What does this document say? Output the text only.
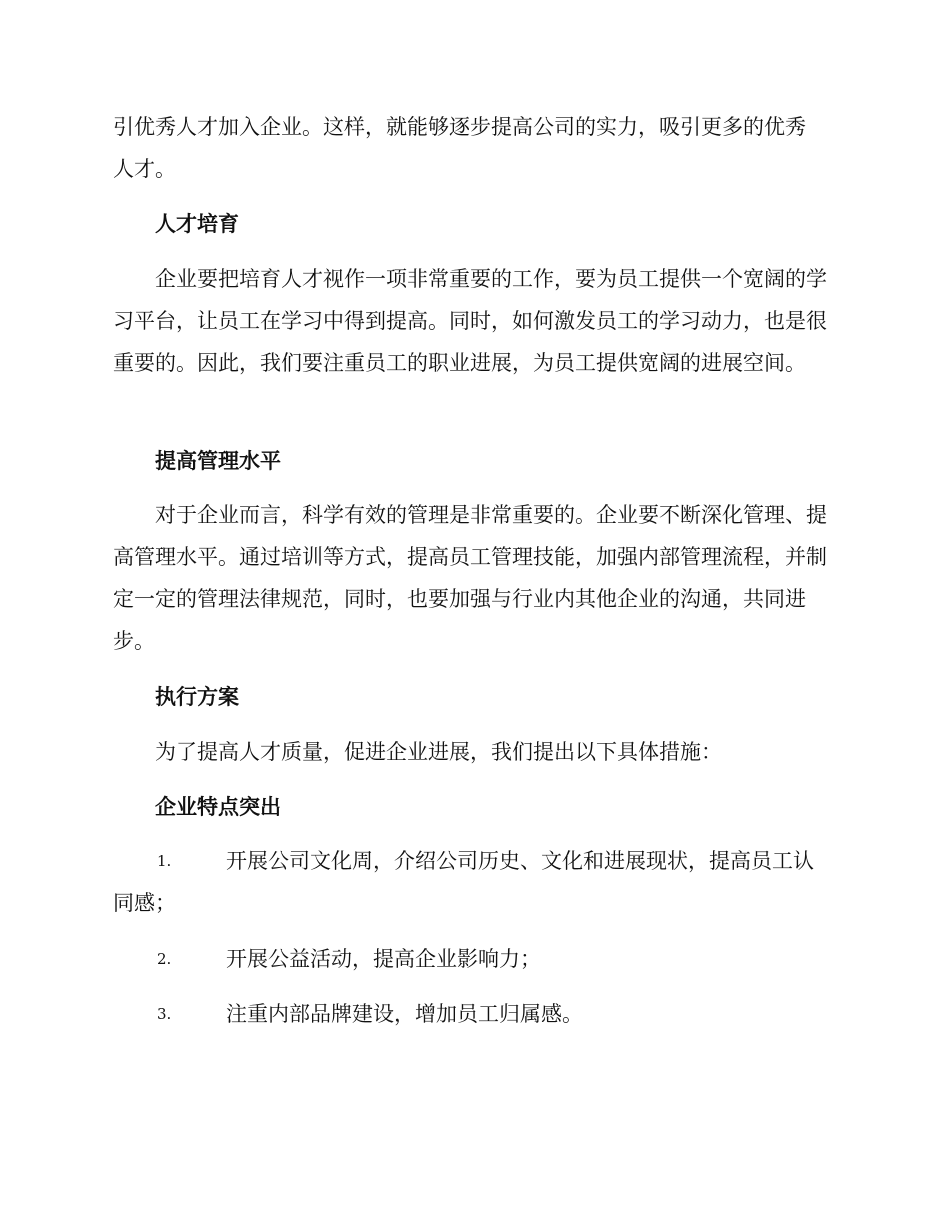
引优秀人才加入企业。这样，就能够逐步提高公司的实力，吸引更多的优秀
人才。

人才培育

企业要把培育人才视作一项非常重要的工作，要为员工提供一个宽阔的学习平台，让员工在学习中得到提高。同时，如何激发员工的学习动力，也是很重要的。因此，我们要注重员工的职业进展，为员工提供宽阔的进展空间。

提高管理水平

对于企业而言，科学有效的管理是非常重要的。企业要不断深化管理、提高管理水平。通过培训等方式，提高员工管理技能，加强内部管理流程，并制定一定的管理法律规范，同时，也要加强与行业内其他企业的沟通，共同进步。

执行方案

为了提高人才质量，促进企业进展，我们提出以下具体措施：

企业特点突出
1.	开展公司文化周，介绍公司历史、文化和进展现状，提高员工认
同感；
2.	开展公益活动，提高企业影响力；
3.	注重内部品牌建设，增加员工归属感。
